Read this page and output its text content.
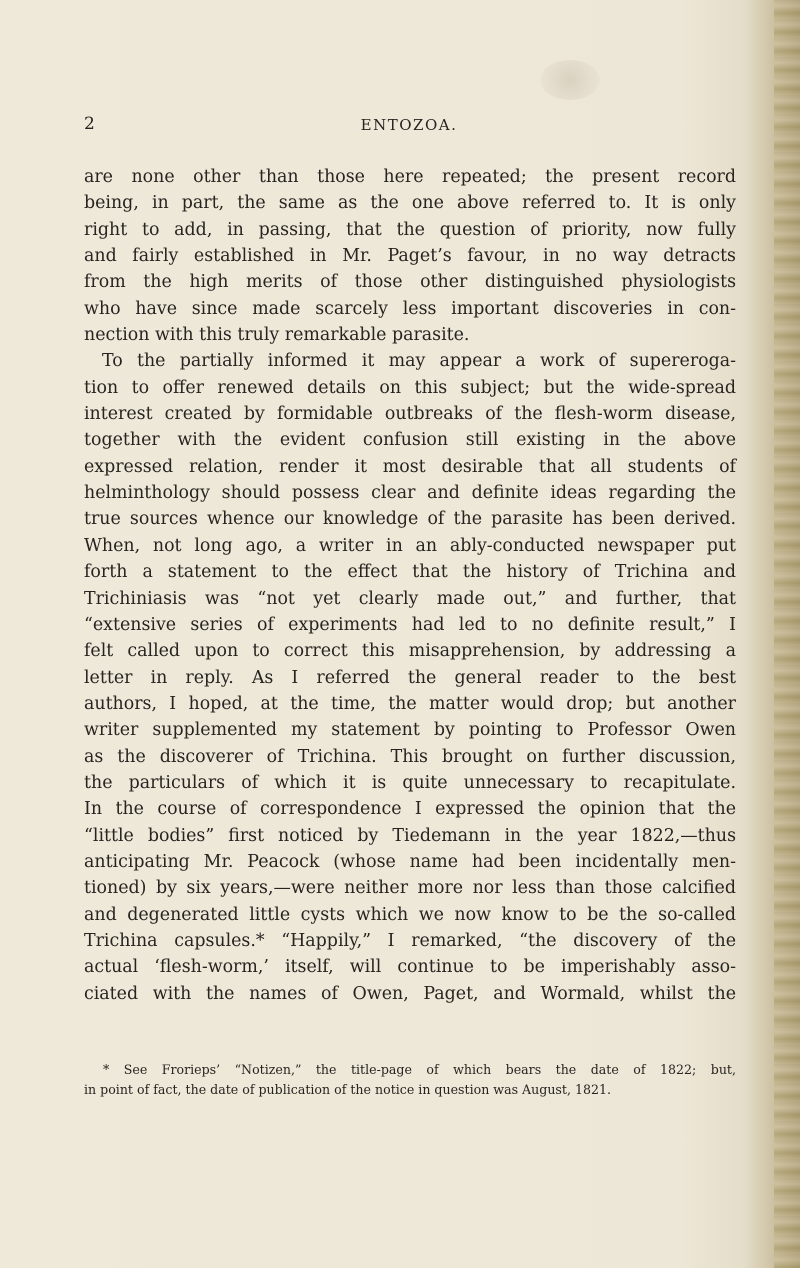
2	ENTOZOA.
are none other than those here repeated; the present record
being, in part, the same as the one above referred to. It is only
right to add, in passing, that the question of priority, now fully
and fairly established in Mr. Paget’s favour, in no way detracts
from the high merits of those other distinguished physiologists
who have since made scarcely less important discoveries in con-
nection with this truly remarkable parasite.
To the partially informed it may appear a work of supereroga-
tion to offer renewed details on this subject; but the wide-spread
interest created by formidable outbreaks of the flesh-worm disease,
together with the evident confusion still existing in the above
expressed relation, render it most desirable that all students of
helminthology should possess clear and definite ideas regarding the
true sources whence our knowledge of the parasite has been derived.
When, not long ago, a writer in an ably-conducted newspaper put
forth a statement to the effect that the history of Trichina and
Trichiniasis was “not yet clearly made out,” and further, that
“extensive series of experiments had led to no definite result,” I
felt called upon to correct this misapprehension, by addressing a
letter in reply. As I referred the general reader to the best
authors, I hoped, at the time, the matter would drop; but another
writer supplemented my statement by pointing to Professor Owen
as the discoverer of Trichina. This brought on further discussion,
the particulars of which it is quite unnecessary to recapitulate.
In the course of correspondence I expressed the opinion that the
“little bodies” first noticed by Tiedemann in the year 1822,—thus
anticipating Mr. Peacock (whose name had been incidentally men-
tioned) by six years,—were neither more nor less than those calcified
and degenerated little cysts which we now know to be the so-called
Trichina capsules.* “Happily,” I remarked, “the discovery of the
actual ‘flesh-worm,’ itself, will continue to be imperishably asso-
ciated with the names of Owen, Paget, and Wormald, whilst the
* See Frorieps’ “Notizen,” the title-page of which bears the date of 1822; but,
in point of fact, the date of publication of the notice in question was August, 1821.
